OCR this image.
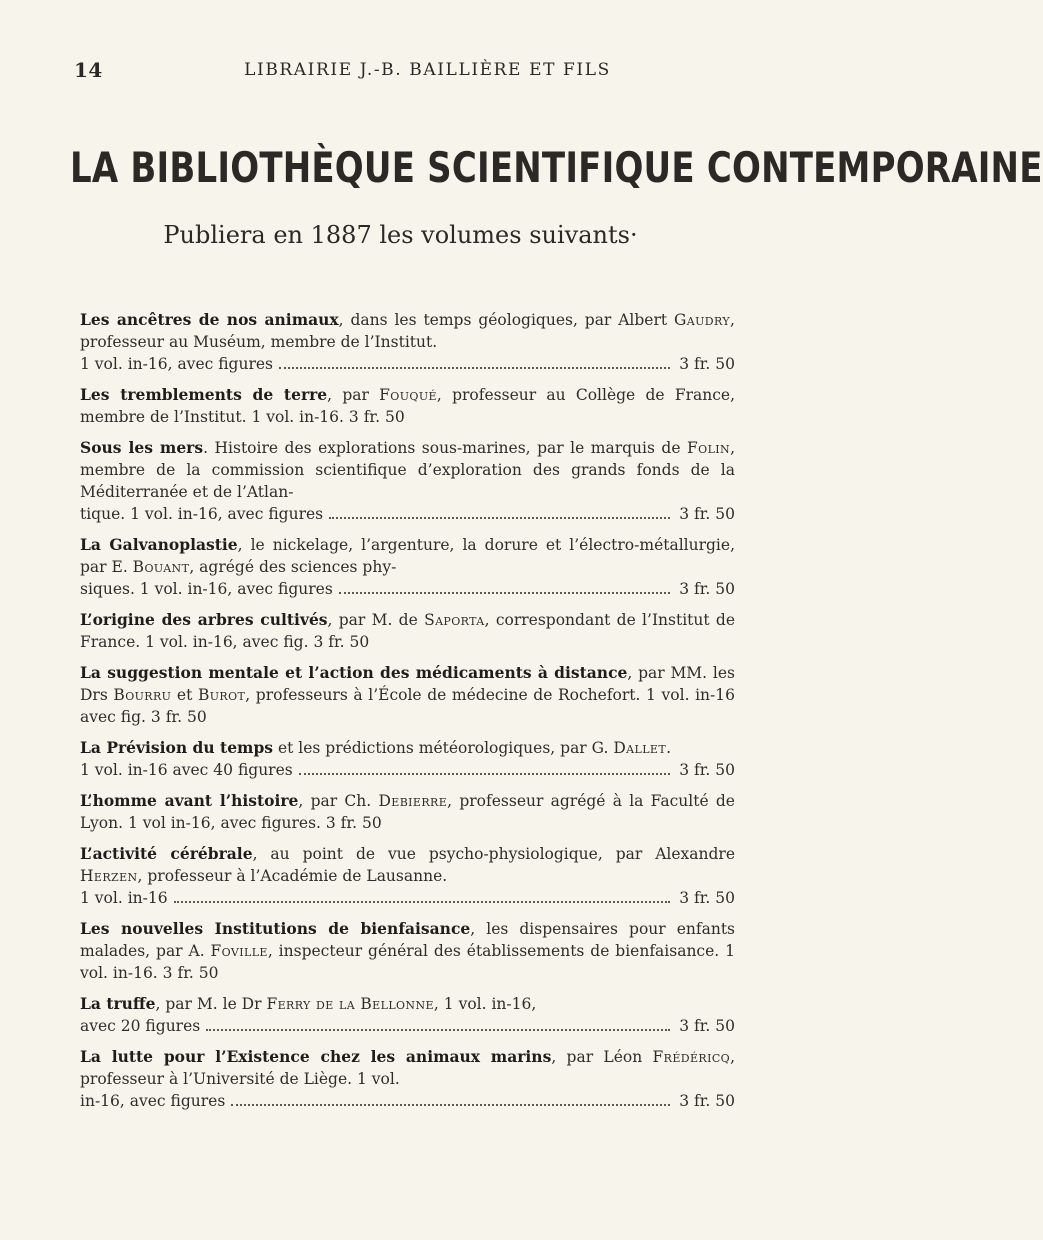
14	LIBRAIRIE J.-B. BAILLIÈRE ET FILS
LA BIBLIOTHÈQUE SCIENTIFIQUE CONTEMPORAINE
Publiera en 1887 les volumes suivants·
Les ancêtres de nos animaux, dans les temps géologiques, par Albert Gaudry, professeur au Muséum, membre de l’Institut.
1 vol. in-16, avec figures	3 fr. 50
Les tremblements de terre, par Fouqué, professeur au Collège de France, membre de l’Institut. 1 vol. in-16. 3 fr. 50
Sous les mers. Histoire des explorations sous-marines, par le marquis de Folin, membre de la commission scientifique d’exploration des grands fonds de la Méditerranée et de l’Atlan-
tique. 1 vol. in-16, avec figures	3 fr. 50
La Galvanoplastie, le nickelage, l’argenture, la dorure et l’électro-métallurgie, par E. Bouant, agrégé des sciences phy-
siques. 1 vol. in-16, avec figures	3 fr. 50
L’origine des arbres cultivés, par M. de Saporta, correspondant de l’Institut de France. 1 vol. in-16, avec fig. 3 fr. 50
La suggestion mentale et l’action des médicaments à distance, par MM. les Drs Bourru et Burot, professeurs à l’École de médecine de Rochefort. 1 vol. in-16 avec fig. 3 fr. 50
La Prévision du temps et les prédictions météorologiques, par G. Dallet.
1 vol. in-16 avec 40 figures	3 fr. 50
L’homme avant l’histoire, par Ch. Debierre, professeur agrégé à la Faculté de Lyon. 1 vol in-16, avec figures. 3 fr. 50
L’activité cérébrale, au point de vue psycho-physiologique, par Alexandre Herzen, professeur à l’Académie de Lausanne.
1 vol. in-16	3 fr. 50
Les nouvelles Institutions de bienfaisance, les dispensaires pour enfants malades, par A. Foville, inspecteur général des établissements de bienfaisance. 1 vol. in-16. 3 fr. 50
La truffe, par M. le Dr Ferry de la Bellonne, 1 vol. in-16,
avec 20 figures	3 fr. 50
La lutte pour l’Existence chez les animaux marins, par Léon Frédéricq, professeur à l’Université de Liège. 1 vol.
in-16, avec figures	3 fr. 50
